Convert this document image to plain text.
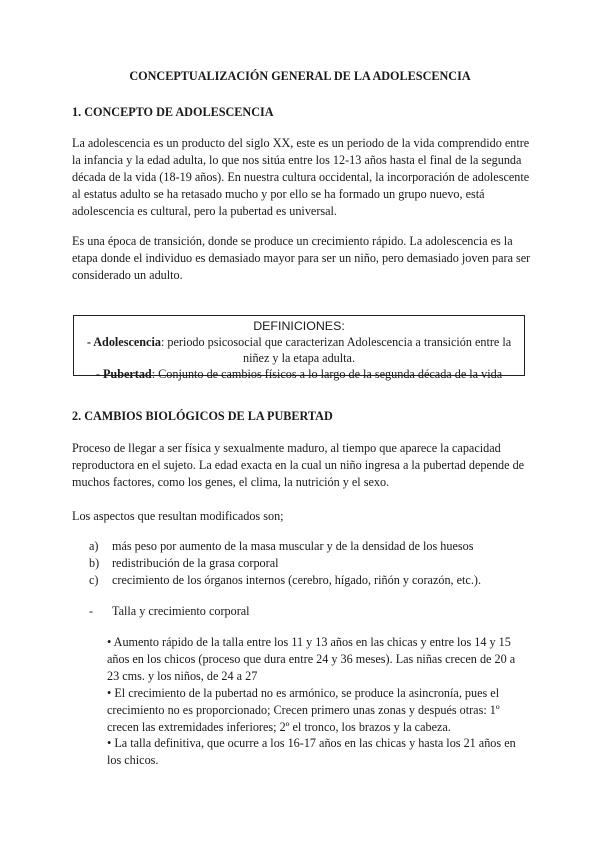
CONCEPTUALIZACIÓN GENERAL DE LA ADOLESCENCIA
1. CONCEPTO DE ADOLESCENCIA

La adolescencia es un producto del siglo XX, este es un periodo de la vida comprendido entre la infancia y la edad adulta, lo que nos sitúa entre los 12-13 años hasta el final de la segunda década de la vida (18-19 años). En nuestra cultura occidental, la incorporación de adolescente al estatus adulto se ha retasado mucho y por ello se ha formado un grupo nuevo, está adolescencia es cultural, pero la pubertad es universal.

Es una época de transición, donde se produce un crecimiento rápido. La adolescencia es la etapa donde el individuo es demasiado mayor para ser un niño, pero demasiado joven para ser considerado un adulto.

DEFINICIONES:
- Adolescencia: periodo psicosocial que caracterizan Adolescencia a transición entre la niñez y la etapa adulta.
- Pubertad: Conjunto de cambios físicos a lo largo de la segunda década de la vida
2. CAMBIOS BIOLÓGICOS DE LA PUBERTAD

Proceso de llegar a ser física y sexualmente maduro, al tiempo que aparece la capacidad reproductora en el sujeto. La edad exacta en la cual un niño ingresa a la pubertad depende de muchos factores, como los genes, el clima, la nutrición y el sexo.

Los aspectos que resultan modificados son;

a) más peso por aumento de la masa muscular y de la densidad de los huesos
b) redistribución de la grasa corporal
c) crecimiento de los órganos internos (cerebro, hígado, riñón y corazón, etc.).
- Talla y crecimiento corporal

• Aumento rápido de la talla entre los 11 y 13 años en las chicas y entre los 14 y 15 años en los chicos (proceso que dura entre 24 y 36 meses). Las niñas crecen de 20 a 23 cms. y los niños, de 24 a 27

• El crecimiento de la pubertad no es armónico, se produce la asincronía, pues el crecimiento no es proporcionado; Crecen primero unas zonas y después otras: 1º crecen las extremidades inferiores; 2º el tronco, los brazos y la cabeza.

• La talla definitiva, que ocurre a los 16-17 años en las chicas y hasta los 21 años en los chicos.
